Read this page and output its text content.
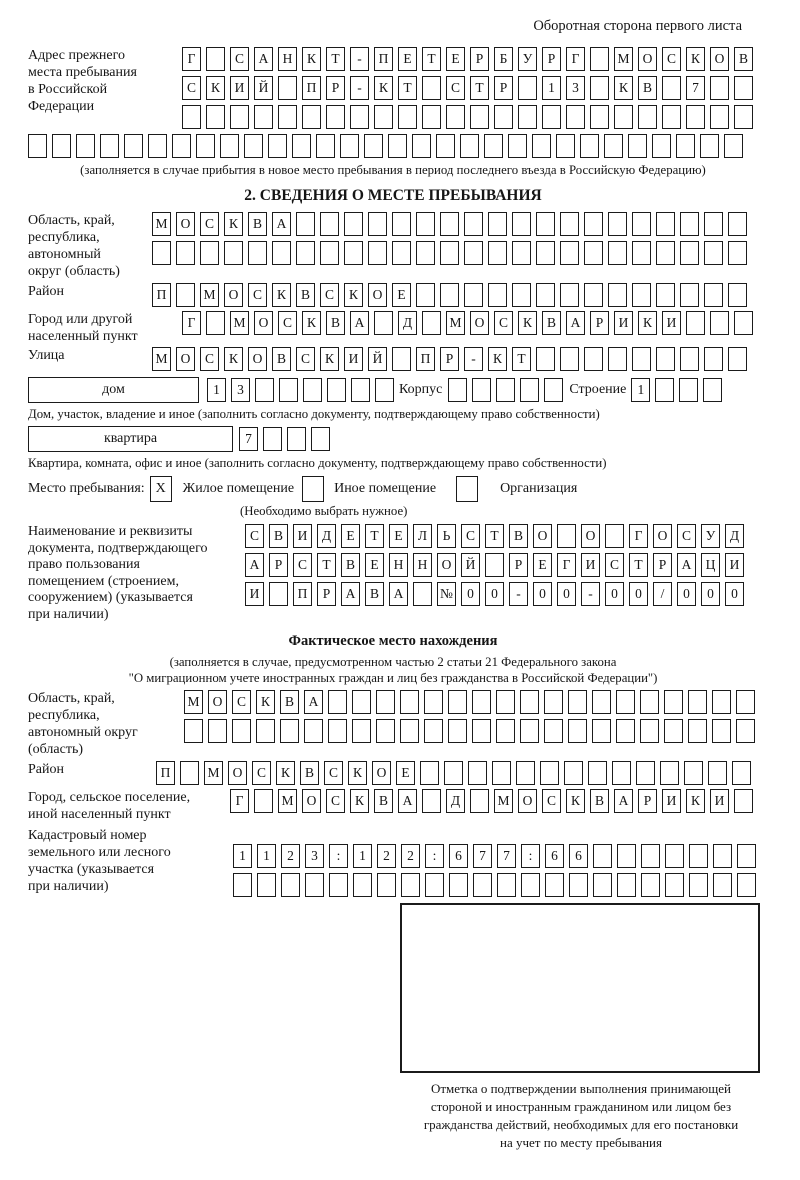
Оборотная сторона первого листа
Адрес прежнего
места пребывания
в Российской
Федерации
Г	С	А	Н	К	Т	-	П	Е	Т	Е	Р	Б	У	Р	Г	М О	С	К	О	В
С	К	И	Й	П	Р	-	К	Т	С	Т	Р	1	3	К	В	7
(заполняется в случае прибытия в новое место пребывания в период последнего въезда в Российскую Федерацию)
2. СВЕДЕНИЯ О МЕСТЕ ПРЕБЫВАНИЯ
Область, край,
республика,
автономный
округ (область)
М О	С	К	В	А
Район	П	М О	С	К	В	С	К	О	Е
Город или другой
населенный пункт
Г	М О	С	К	В	А	Д	М О	С	К	В	А	Р	И	К	И
Улица	М О	С	К	О	В	С	К	И	Й	П	Р	-	К	Т
дом	1	3	Корпус	Строение 1
Дом, участок, владение и иное (заполнить согласно документу, подтверждающему право собственности)
квартира	7
Квартира, комната, офис и иное (заполнить согласно документу, подтверждающему право собственности)
Место пребывания: X	Жилое помещение	Иное помещение	Организация
(Необходимо выбрать нужное)
Наименование и реквизиты
документа, подтверждающего
право пользования
помещением (строением,
сооружением) (указывается
при наличии)
С	В	И	Д	Е	Т	Е	Л	Ь	С	Т	В	О	О	Г	О	С	У	Д
А	Р	С	Т	В	Е	Н	Н	О	Й	Р	Е	Г	И	С	Т	Р	А	Ц	И
И	П	Р	А	В	А	№	0	0	-	0	0	-	0	0	/	0	0	0
Фактическое место нахождения
(заполняется в случае, предусмотренном частью 2 статьи 21 Федерального закона
"О миграционном учете иностранных граждан и лиц без гражданства в Российской Федерации")
Область, край,
республика,
автономный округ
(область)
М О	С	К	В	А
Район	П	М О	С	К	В	С	К	О	Е
Город, сельское поселение,
иной населенный пункт
Г	М О	С	К	В	А	Д	М О	С	К	В	А	Р	И	К	И
Кадастровый номер
земельного или лесного
участка (указывается
при наличии)
1	1	2	3	:	1	2	2	:	6	7	7	:	6	6
Отметка о подтверждении выполнения принимающей
стороной и иностранным гражданином или лицом без
гражданства действий, необходимых для его постановки
на учет по месту пребывания
